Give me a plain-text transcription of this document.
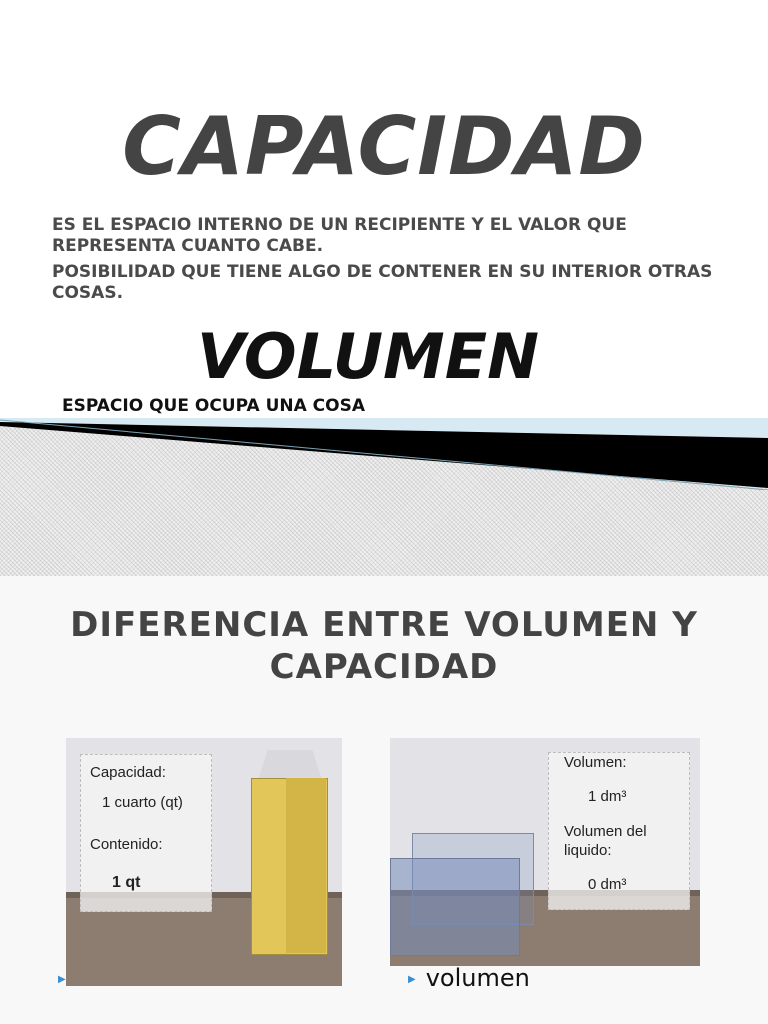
CAPACIDAD
ES EL ESPACIO INTERNO DE UN RECIPIENTE Y EL VALOR QUE REPRESENTA CUANTO CABE.
POSIBILIDAD QUE TIENE ALGO DE CONTENER EN SU INTERIOR OTRAS COSAS.
VOLUMEN
ESPACIO QUE OCUPA UNA COSA
DIFERENCIA ENTRE VOLUMEN Y CAPACIDAD
Capacidad:
1 cuarto (qt)
Contenido:
1 qt
Volumen:
1 dm³
Volumen del
liquido:
0 dm³
▶	▶ volumen
